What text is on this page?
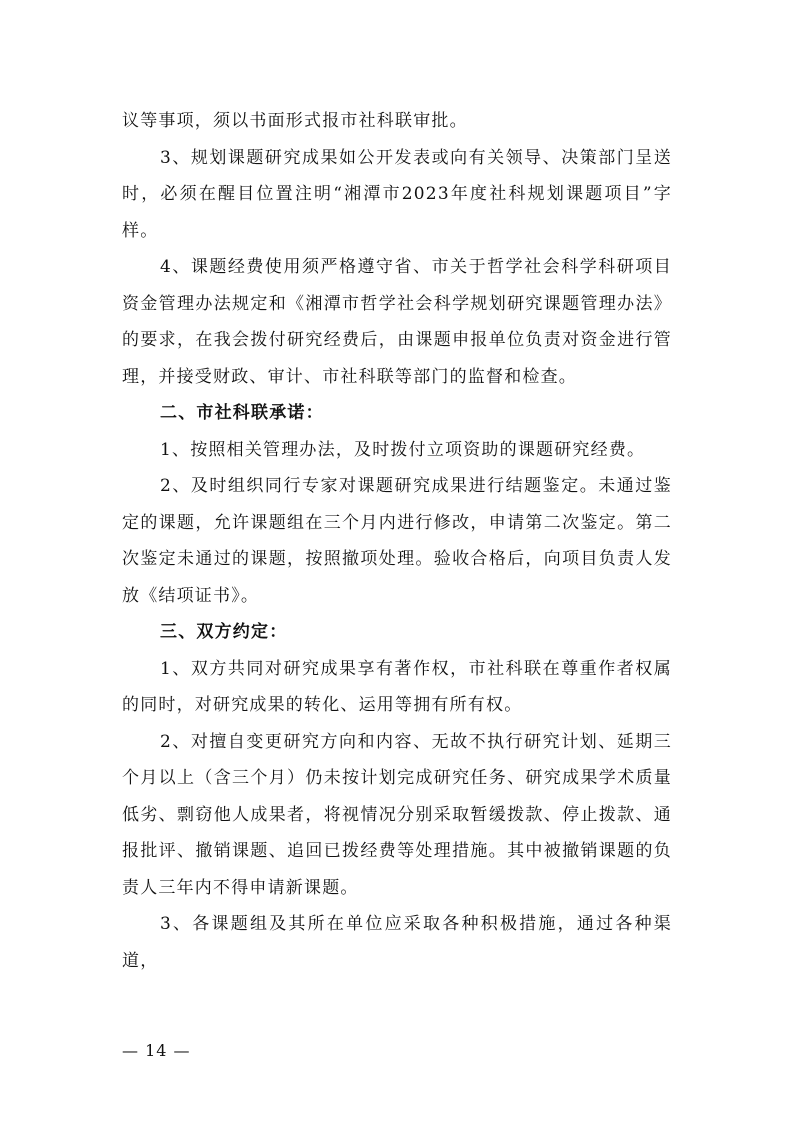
议等事项，须以书面形式报市社科联审批。

3、规划课题研究成果如公开发表或向有关领导、决策部门呈送时，必须在醒目位置注明“湘潭市2023年度社科规划课题项目”字样。

4、课题经费使用须严格遵守省、市关于哲学社会科学科研项目资金管理办法规定和《湘潭市哲学社会科学规划研究课题管理办法》的要求，在我会拨付研究经费后，由课题申报单位负责对资金进行管理，并接受财政、审计、市社科联等部门的监督和检查。

二、市社科联承诺：

1、按照相关管理办法，及时拨付立项资助的课题研究经费。

2、及时组织同行专家对课题研究成果进行结题鉴定。未通过鉴定的课题，允许课题组在三个月内进行修改，申请第二次鉴定。第二次鉴定未通过的课题，按照撤项处理。验收合格后，向项目负责人发放《结项证书》。

三、双方约定：

1、双方共同对研究成果享有著作权，市社科联在尊重作者权属的同时，对研究成果的转化、运用等拥有所有权。

2、对擅自变更研究方向和内容、无故不执行研究计划、延期三个月以上（含三个月）仍未按计划完成研究任务、研究成果学术质量低劣、剽窃他人成果者，将视情况分别采取暂缓拨款、停止拨款、通报批评、撤销课题、追回已拨经费等处理措施。其中被撤销课题的负责人三年内不得申请新课题。

3、各课题组及其所在单位应采取各种积极措施，通过各种渠道，

— 14 —
